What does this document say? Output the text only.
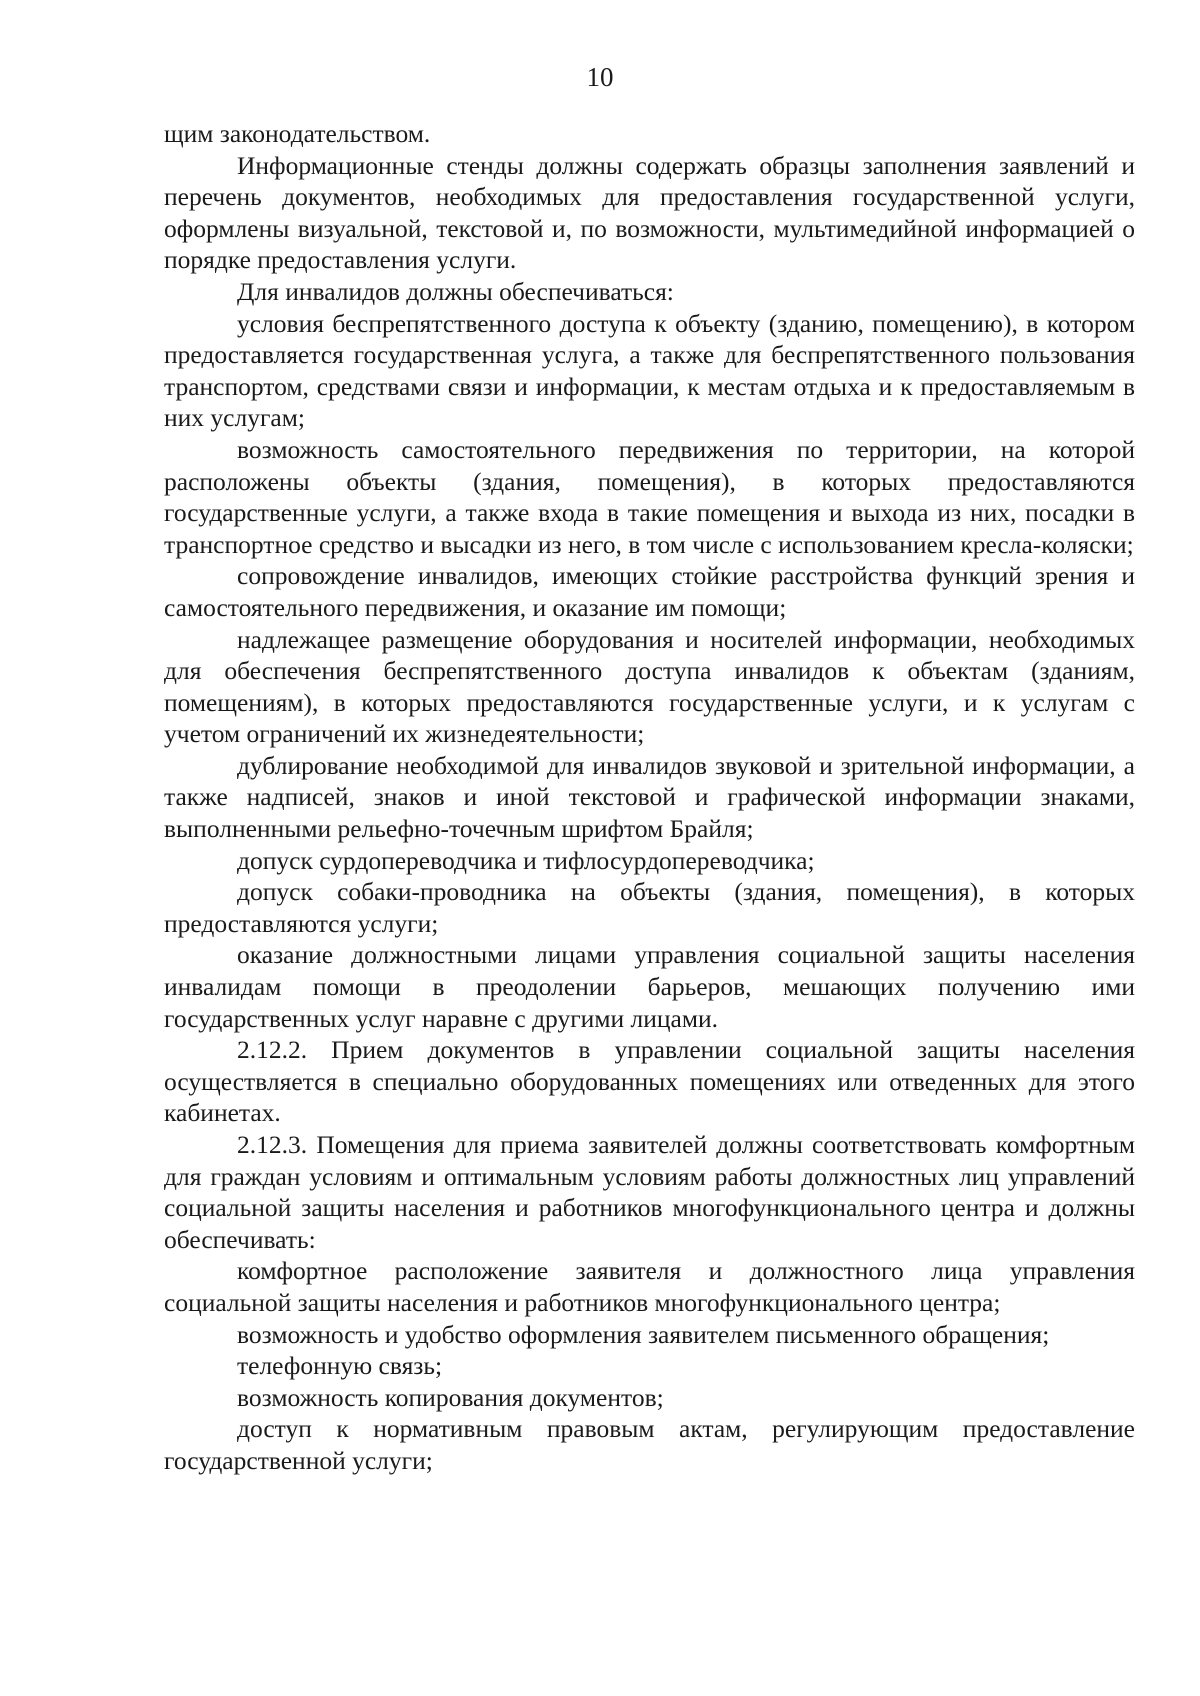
10

щим законодательством.

Информационные стенды должны содержать образцы заполнения заявлений и перечень документов, необходимых для предоставления государственной услуги, оформлены визуальной, текстовой и, по возможности, мультимедийной информацией о порядке предоставления услуги.

Для инвалидов должны обеспечиваться:

условия беспрепятственного доступа к объекту (зданию, помещению), в котором предоставляется государственная услуга, а также для беспрепятственного пользования транспортом, средствами связи и информации, к местам отдыха и к предоставляемым в них услугам;

возможность самостоятельного передвижения по территории, на которой расположены объекты (здания, помещения), в которых предоставляются государственные услуги, а также входа в такие помещения и выхода из них, посадки в транспортное средство и высадки из него, в том числе с использованием кресла-коляски;

сопровождение инвалидов, имеющих стойкие расстройства функций зрения и самостоятельного передвижения, и оказание им помощи;

надлежащее размещение оборудования и носителей информации, необходимых для обеспечения беспрепятственного доступа инвалидов к объектам (зданиям, помещениям), в которых предоставляются государственные услуги, и к услугам с учетом ограничений их жизнедеятельности;

дублирование необходимой для инвалидов звуковой и зрительной информации, а также надписей, знаков и иной текстовой и графической информации знаками, выполненными рельефно-точечным шрифтом Брайля;

допуск сурдопереводчика и тифлосурдопереводчика;

допуск собаки-проводника на объекты (здания, помещения), в которых предоставляются услуги;

оказание должностными лицами управления социальной защиты населения инвалидам помощи в преодолении барьеров, мешающих получению ими государственных услуг наравне с другими лицами.

2.12.2. Прием документов в управлении социальной защиты населения осуществляется в специально оборудованных помещениях или отведенных для этого кабинетах.

2.12.3. Помещения для приема заявителей должны соответствовать комфортным для граждан условиям и оптимальным условиям работы должностных лиц управлений социальной защиты населения и работников многофункционального центра и должны обеспечивать:

комфортное расположение заявителя и должностного лица управления социальной защиты населения и работников многофункционального центра;

возможность и удобство оформления заявителем письменного обращения;

телефонную связь;

возможность копирования документов;

доступ к нормативным правовым актам, регулирующим предоставление государственной услуги;
